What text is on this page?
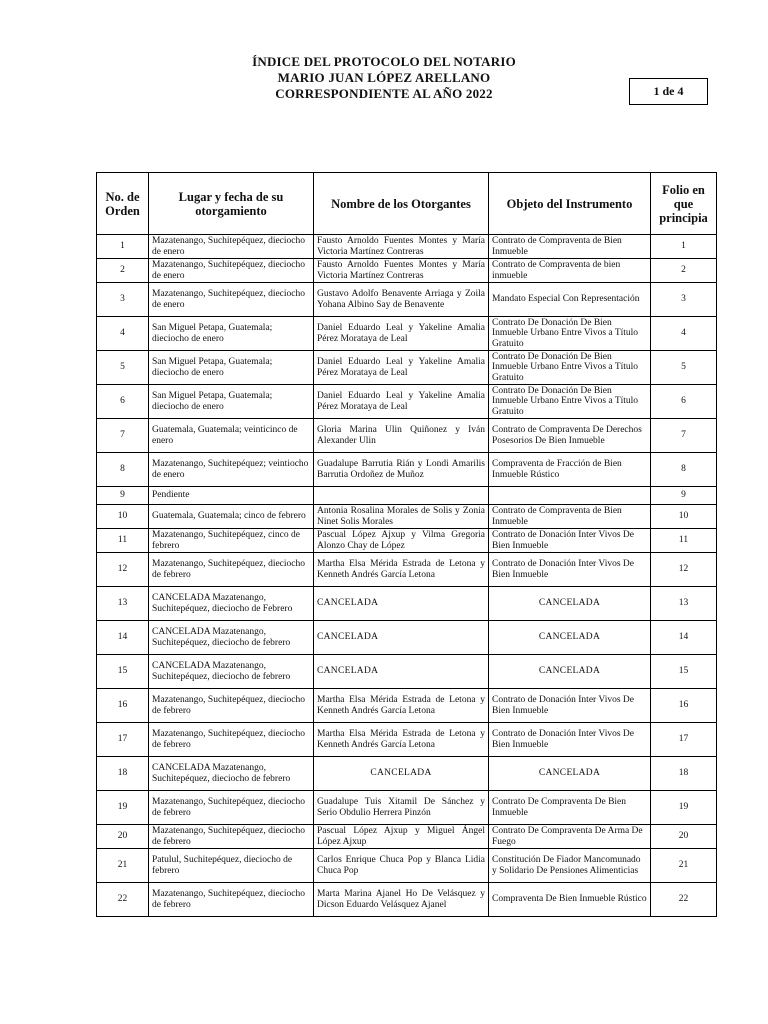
ÍNDICE DEL PROTOCOLO DEL NOTARIO
MARIO JUAN LÓPEZ ARELLANO
CORRESPONDIENTE AL AÑO 2022	1 de 4
No. de Orden	Lugar y fecha de su otorgamiento	Nombre de los Otorgantes	Objeto del Instrumento	Folio en que principia
1	Mazatenango, Suchitepéquez, dieciocho de enero	Fausto Arnoldo Fuentes Montes y María Victoria Martínez Contreras	Contrato de Compraventa de Bien Inmueble	1
2	Mazatenango, Suchitepéquez, dieciocho de enero	Fausto Arnoldo Fuentes Montes y María Victoria Martínez Contreras	Contrato de Compraventa de bien inmueble	2
3	Mazatenango, Suchitepéquez, dieciocho de enero	Gustavo Adolfo Benavente Arriaga y Zoila Yohana Albino Say de Benavente	Mandato Especial Con Representación	3
4	San Miguel Petapa, Guatemala; dieciocho de enero	Daniel Eduardo Leal y Yakeline Amalia Pérez Morataya de Leal	Contrato De Donación De Bien Inmueble Urbano Entre Vivos a Título Gratuito	4
5	San Miguel Petapa, Guatemala; dieciocho de enero	Daniel Eduardo Leal y Yakeline Amalia Pérez Morataya de Leal	Contrato De Donación De Bien Inmueble Urbano Entre Vivos a Título Gratuito	5
6	San Miguel Petapa, Guatemala; dieciocho de enero	Daniel Eduardo Leal y Yakeline Amalia Pérez Morataya de Leal	Contrato De Donación De Bien Inmueble Urbano Entre Vivos a Título Gratuito	6
7	Guatemala, Guatemala; veinticinco de enero	Gloria Marina Ulin Quiñonez y Iván Alexander Ulin	Contrato de Compraventa De Derechos Posesorios De Bien Inmueble	7
8	Mazatenango, Suchitepéquez; veintiocho de enero	Guadalupe Barrutia Rián y Londi Amarilis Barrutia Ordoñez de Muñoz	Compraventa de Fracción de Bien Inmueble Rústico	8
9	Pendiente			9
10	Guatemala, Guatemala; cinco de febrero	Antonia Rosalina Morales de Solis y Zonia Ninet Solis Morales	Contrato de Compraventa de Bien Inmueble	10
11	Mazatenango, Suchitepéquez, cinco de febrero	Pascual López Ajxup y Vilma Gregoria Alonzo Chay de López	Contrato de Donación Inter Vivos De Bien Inmueble	11
12	Mazatenango, Suchitepéquez, dieciocho de febrero	Martha Elsa Mérida Estrada de Letona y Kenneth Andrés García Letona	Contrato de Donación Inter Vivos De Bien Inmueble	12
13	CANCELADA Mazatenango, Suchitepéquez, dieciocho de Febrero	CANCELADA	CANCELADA	13
14	CANCELADA Mazatenango, Suchitepéquez, dieciocho de febrero	CANCELADA	CANCELADA	14
15	CANCELADA Mazatenango, Suchitepéquez, dieciocho de febrero	CANCELADA	CANCELADA	15
16	Mazatenango, Suchitepéquez, dieciocho de febrero	Martha Elsa Mérida Estrada de Letona y Kenneth Andrés García Letona	Contrato de Donación Inter Vivos De Bien Inmueble	16
17	Mazatenango, Suchitepéquez, dieciocho de febrero	Martha Elsa Mérida Estrada de Letona y Kenneth Andrés García Letona	Contrato de Donación Inter Vivos De Bien Inmueble	17
18	CANCELADA Mazatenango, Suchitepéquez, dieciocho de febrero	CANCELADA	CANCELADA	18
19	Mazatenango, Suchitepéquez, dieciocho de febrero	Guadalupe Tuis Xitamil De Sánchez y Serio Obdulio Herrera Pinzón	Contrato De Compraventa De Bien Inmueble	19
20	Mazatenango, Suchitepéquez, dieciocho de febrero	Pascual López Ajxup y Miguel Ángel López Ajxup	Contrato De Compraventa De Arma De Fuego	20
21	Patulul, Suchitepéquez, dieciocho de febrero	Carlos Enrique Chuca Pop y Blanca Lidia Chuca Pop	Constitución De Fiador Mancomunado y Solidario De Pensiones Alimenticias	21
22	Mazatenango, Suchitepéquez, dieciocho de febrero	Marta Marina Ajanel Ho De Velásquez y Dicson Eduardo Velásquez Ajanel	Compraventa De Bien Inmueble Rústico	22
